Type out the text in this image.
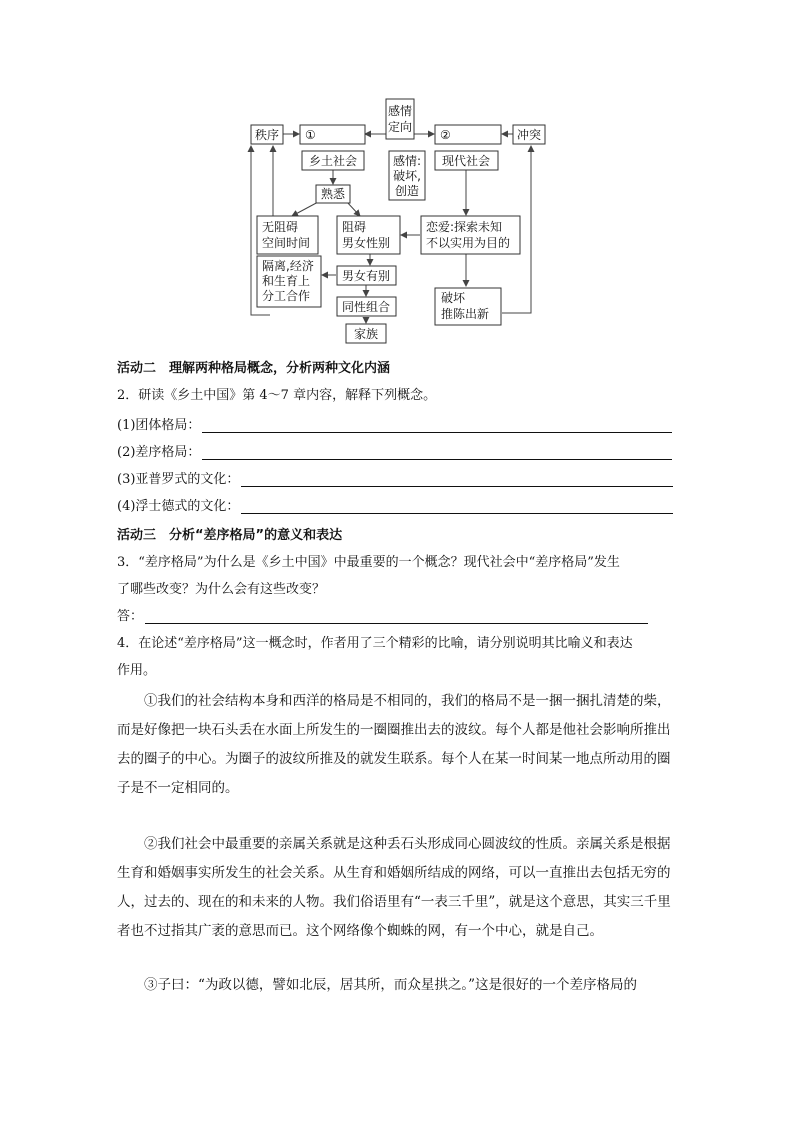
感情定向
秩序 ①	②	冲突
乡土社会	感情:破坏,创造
现代社会
熟悉
无阻碍空间时间
阻碍男女性别
恋爱:探索未知不以实用为目的
隔离,经济和生育上分工合作
男女有别
同性组合
破坏推陈出新
家族
活动二　理解两种格局概念，分析两种文化内涵
2．研读《乡土中国》第 4～7 章内容，解释下列概念。
(1)团体格局：
(2)差序格局：
(3)亚普罗式的文化：
(4)浮士德式的文化：
活动三　分析“差序格局”的意义和表达
3．“差序格局”为什么是《乡土中国》中最重要的一个概念？现代社会中“差序格局”发生
了哪些改变？为什么会有这些改变？
答：
4．在论述“差序格局”这一概念时，作者用了三个精彩的比喻，请分别说明其比喻义和表达
作用。
①我们的社会结构本身和西洋的格局是不相同的，我们的格局不是一捆一捆扎清楚的柴，而是好像把一块石头丢在水面上所发生的一圈圈推出去的波纹。每个人都是他社会影响所推出去的圈子的中心。为圈子的波纹所推及的就发生联系。每个人在某一时间某一地点所动用的圈子是不一定相同的。
②我们社会中最重要的亲属关系就是这种丢石头形成同心圆波纹的性质。亲属关系是根据生育和婚姻事实所发生的社会关系。从生育和婚姻所结成的网络，可以一直推出去包括无穷的人，过去的、现在的和未来的人物。我们俗语里有“一表三千里”，就是这个意思，其实三千里者也不过指其广袤的意思而已。这个网络像个蜘蛛的网，有一个中心，就是自己。
③子曰：“为政以德，譬如北辰，居其所，而众星拱之。”这是很好的一个差序格局的
